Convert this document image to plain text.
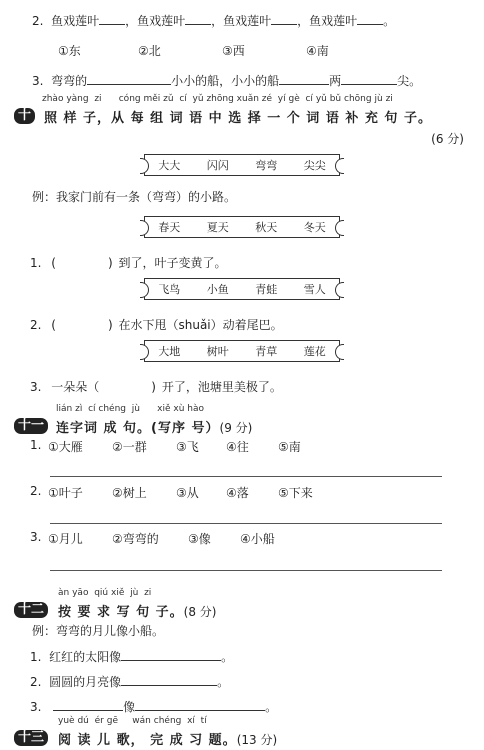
2. 鱼戏莲叶 ，鱼戏莲叶 ，鱼戏莲叶 ，鱼戏莲叶 。
①东	②北	③西	④南
3. 弯弯的	小小的船，小小的船	两	尖。
十
zhào yàng zi cóng měi zǔ cí yǔ zhōng xuǎn zé yí gè cí yǔ bǔ chōng jù zi
照 样 子，从 每 组 词 语 中 选 择 一 个 词 语 补 充 句 子。
(6 分)
大大 闪闪 弯弯 尖尖
例：我家门前有一条（弯弯）的小路。
春天 夏天 秋天 冬天
1. (	) 到了，叶子变黄了。
飞鸟 小鱼 青蛙 雪人
2. (	) 在水下甩（shuǎi）动着尾巴。
大地 树叶 青草 莲花
3. 一朵朵（	) 开了，池塘里美极了。
十一
lián zì cí chéng jù xiě xù hào
连字词 成 句。(写序 号）(9 分)
1. ①大雁 ②一群 ③飞 ④往 ⑤南
2. ①叶子 ②树上 ③从 ④落 ⑤下来
3. ①月儿 ②弯弯的 ③像 ④小船
十二
àn yāo qiú xiě jù zi
按 要 求 写 句 子。(8 分)
例：弯弯的月儿像小船。
1. 红红的太阳像	。
2. 圆圆的月亮像	。
3.	像	。
十三
yuè dú ér gē wán chéng xí tí
阅 读 儿 歌， 完 成 习 题。(13 分)
